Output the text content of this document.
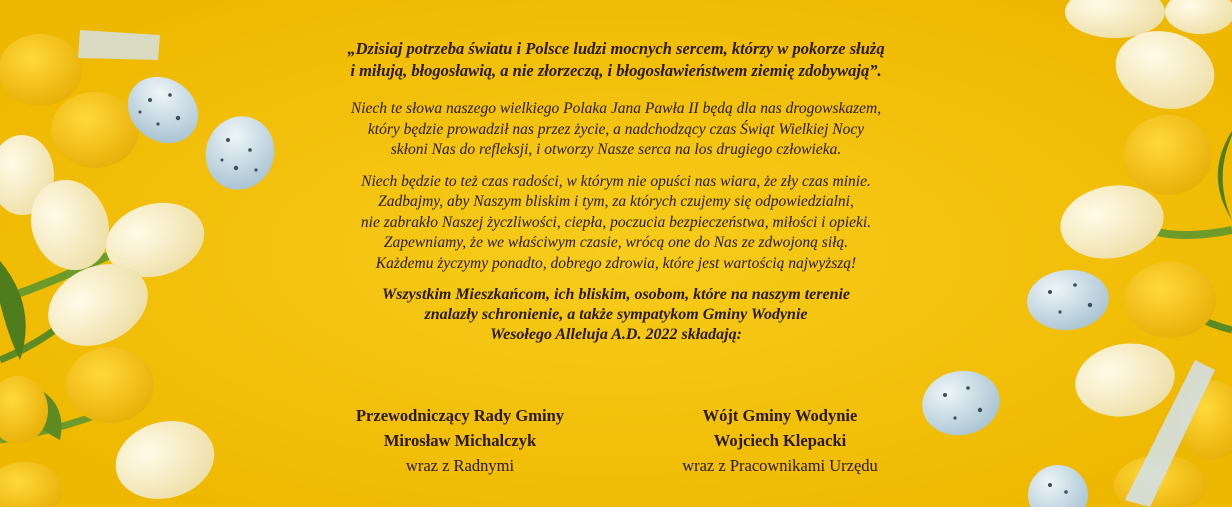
„Dzisiaj potrzeba światu i Polsce ludzi mocnych sercem, którzy w pokorze służą
i miłują, błogosławią, a nie złorzeczą, i błogosławieństwem ziemię zdobywają”.
Niech te słowa naszego wielkiego Polaka Jana Pawła II będą dla nas drogowskazem,
który będzie prowadził nas przez życie, a nadchodzący czas Świąt Wielkiej Nocy
skłoni Nas do refleksji, i otworzy Nasze serca na los drugiego człowieka.
Niech będzie to też czas radości, w którym nie opuści nas wiara, że zły czas minie.
Zadbajmy, aby Naszym bliskim i tym, za których czujemy się odpowiedzialni,
nie zabrakło Naszej życzliwości, ciepła, poczucia bezpieczeństwa, miłości i opieki.
Zapewniamy, że we właściwym czasie, wrócą one do Nas ze zdwojoną siłą.
Każdemu życzymy ponadto, dobrego zdrowia, które jest wartością najwyższą!
Wszystkim Mieszkańcom, ich bliskim, osobom, które na naszym terenie
znalazły schronienie, a także sympatykom Gminy Wodynie
Wesołego Alleluja A.D. 2022 składają:
Przewodniczący Rady Gminy
Mirosław Michalczyk
wraz z Radnymi
Wójt Gminy Wodynie
Wojciech Klepacki
wraz z Pracownikami Urzędu
